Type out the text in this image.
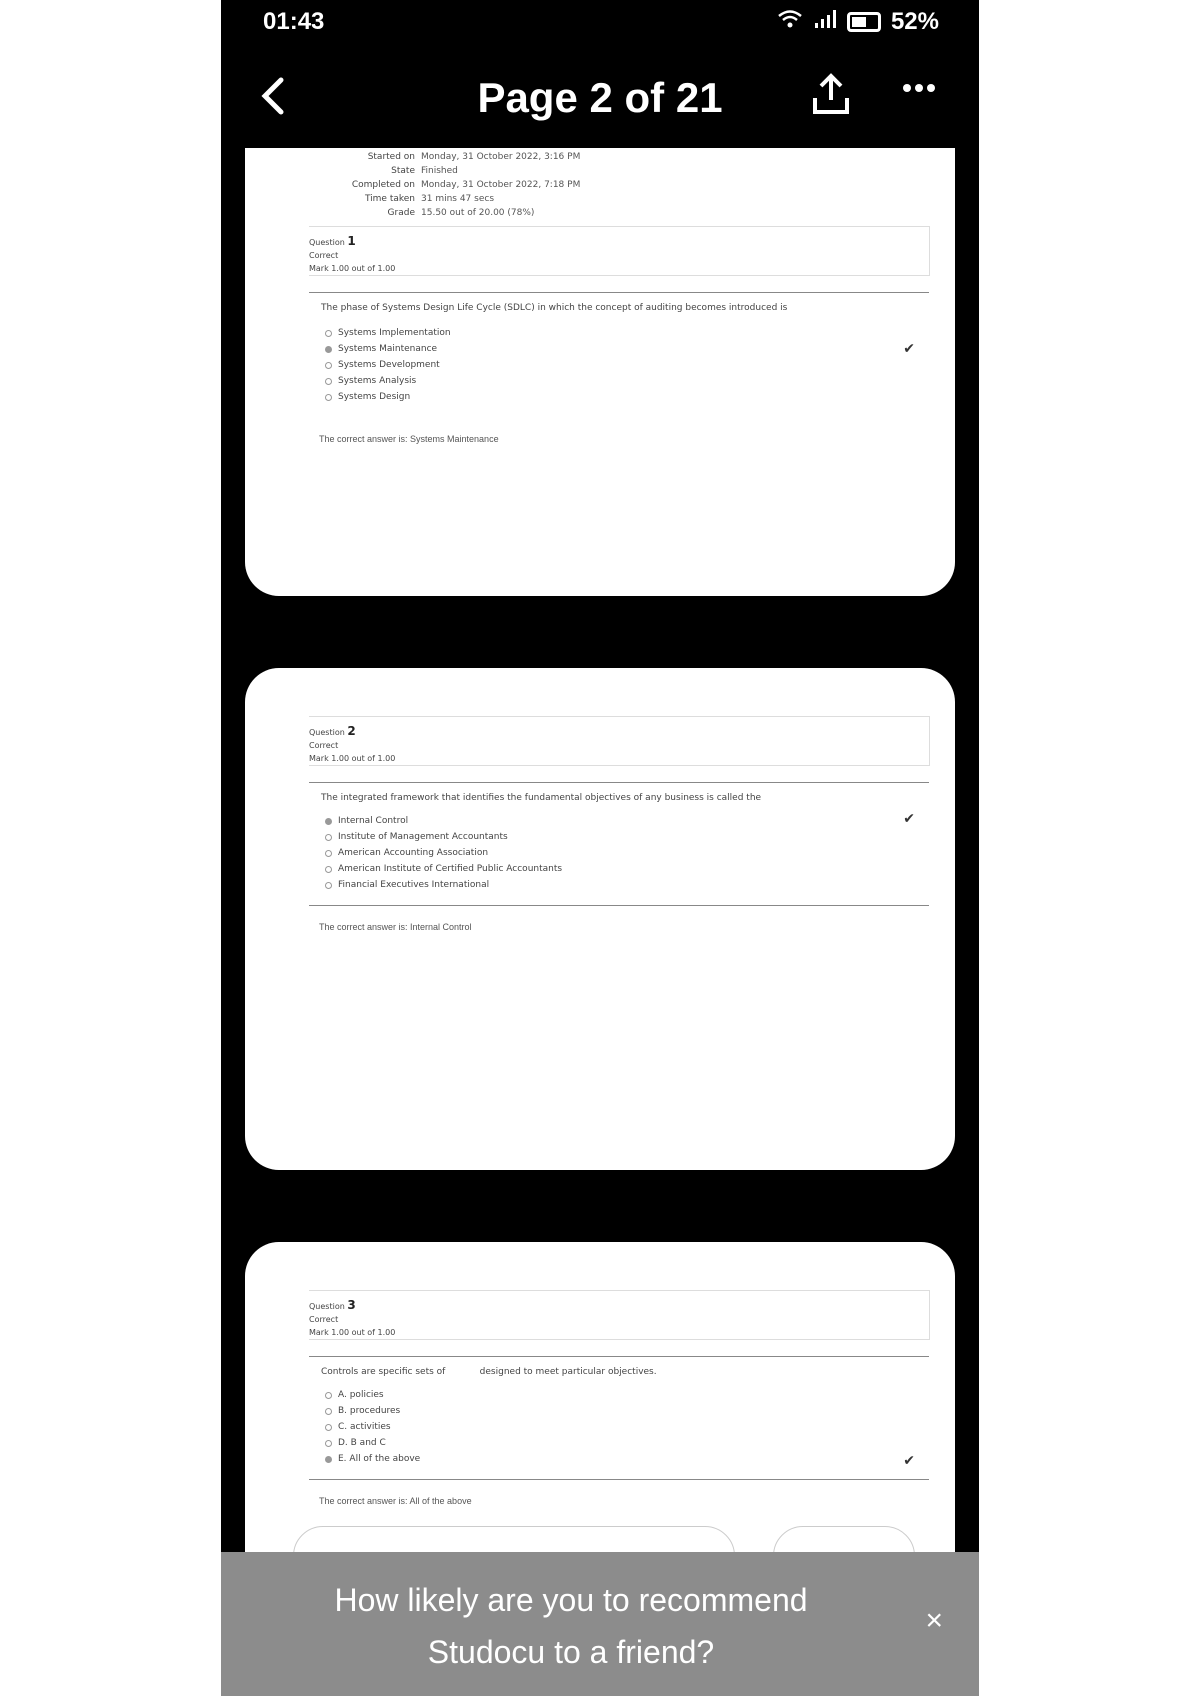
01:43	52%
Page 2 of 21
Started on Monday, 31 October 2022, 3:16 PM
State Finished
Completed on Monday, 31 October 2022, 7:18 PM
Time taken 31 mins 47 secs
Grade 15.50 out of 20.00 (78%)
Question 1
Correct
Mark 1.00 out of 1.00
The phase of Systems Design Life Cycle (SDLC) in which the concept of auditing becomes introduced is
Systems Implementation
Systems Maintenance
Systems Development
Systems Analysis
Systems Design
✔
The correct answer is: Systems Maintenance
Question 2
Correct
Mark 1.00 out of 1.00
The integrated framework that identifies the fundamental objectives of any business is called the
Internal Control
Institute of Management Accountants
American Accounting Association
American Institute of Certified Public Accountants
Financial Executives International
✔
The correct answer is: Internal Control
Question 3
Correct
Mark 1.00 out of 1.00
Controls are specific sets of            designed to meet particular objectives.
A. policies
B. procedures
C. activities
D. B and C
E. All of the above	✔
The correct answer is: All of the above
How likely are you to recommend
Studocu to a friend?
×
